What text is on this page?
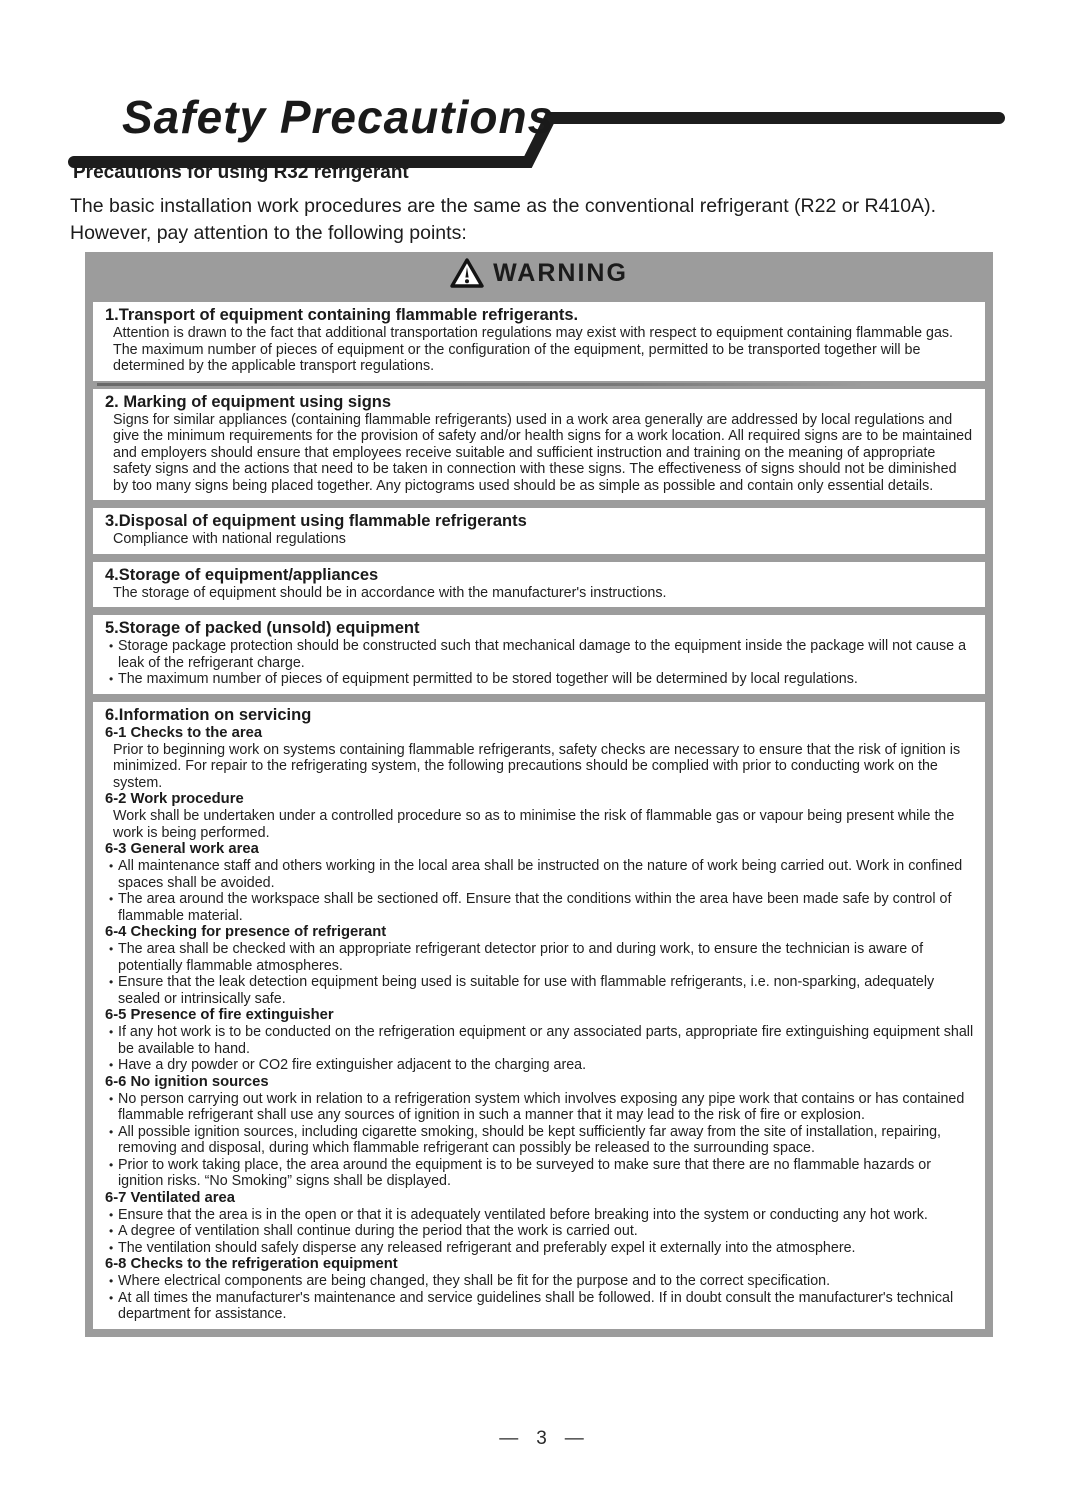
Safety Precautions
Precautions for using R32 refrigerant

The basic installation work procedures are the same as the conventional refrigerant (R22 or R410A).

However, pay attention to the following points:

WARNING
1.Transport of equipment containing flammable refrigerants.

Attention is drawn to the fact that additional transportation regulations may exist with respect to equipment containing flammable gas. The maximum number of pieces of equipment or the configuration of the equipment, permitted to be transported together will be determined by the applicable transport regulations.

2. Marking of equipment using signs

Signs for similar appliances (containing flammable refrigerants) used in a work area generally are addressed by local regulations and give the minimum requirements for the provision of safety and/or health signs for a work location. All required signs are to be maintained and employers should ensure that employees receive suitable and sufficient instruction and training on the meaning of appropriate safety signs and the actions that need to be taken in connection with these signs. The effectiveness of signs should not be diminished by too many signs being placed together. Any pictograms used should be as simple as possible and contain only essential details.

3.Disposal of equipment using flammable refrigerants

Compliance with national regulations

4.Storage of equipment/appliances

The storage of equipment should be in accordance with the manufacturer's instructions.

5.Storage of packed (unsold) equipment

• Storage package protection should be constructed such that mechanical damage to the equipment inside the package will not cause a leak of the refrigerant charge.

• The maximum number of pieces of equipment permitted to be stored together will be determined by local regulations.

6.Information on servicing
6-1 Checks to the area

Prior to beginning work on systems containing flammable refrigerants, safety checks are necessary to ensure that the risk of ignition is minimized. For repair to the refrigerating system, the following precautions should be complied with prior to conducting work on the system.

6-2 Work procedure

Work shall be undertaken under a controlled procedure so as to minimise the risk of flammable gas or vapour being present while the work is being performed.

6-3 General work area

• All maintenance staff and others working in the local area shall be instructed on the nature of work being carried out. Work in confined spaces shall be avoided.

• The area around the workspace shall be sectioned off. Ensure that the conditions within the area have been made safe by control of flammable material.

6-4 Checking for presence of refrigerant

• The area shall be checked with an appropriate refrigerant detector prior to and during work, to ensure the technician is aware of potentially flammable atmospheres.

• Ensure that the leak detection equipment being used is suitable for use with flammable refrigerants, i.e. non-sparking, adequately sealed or intrinsically safe.

6-5 Presence of fire extinguisher

• If any hot work is to be conducted on the refrigeration equipment or any associated parts, appropriate fire extinguishing equipment shall be available to hand.

• Have a dry powder or CO2 fire extinguisher adjacent to the charging area.

6-6 No ignition sources

• No person carrying out work in relation to a refrigeration system which involves exposing any pipe work that contains or has contained flammable refrigerant shall use any sources of ignition in such a manner that it may lead to the risk of fire or explosion.

• All possible ignition sources, including cigarette smoking, should be kept sufficiently far away from the site of installation, repairing, removing and disposal, during which flammable refrigerant can possibly be released to the surrounding space.

• Prior to work taking place, the area around the equipment is to be surveyed to make sure that there are no flammable hazards or ignition risks. “No Smoking” signs shall be displayed.

6-7 Ventilated area

• Ensure that the area is in the open or that it is adequately ventilated before breaking into the system or conducting any hot work.

• A degree of ventilation shall continue during the period that the work is carried out.

• The ventilation should safely disperse any released refrigerant and preferably expel it externally into the atmosphere.

6-8 Checks to the refrigeration equipment

• Where electrical components are being changed, they shall be fit for the purpose and to the correct specification.

• At all times the manufacturer's maintenance and service guidelines shall be followed. If in doubt consult the manufacturer's technical department for assistance.

— 3 —
